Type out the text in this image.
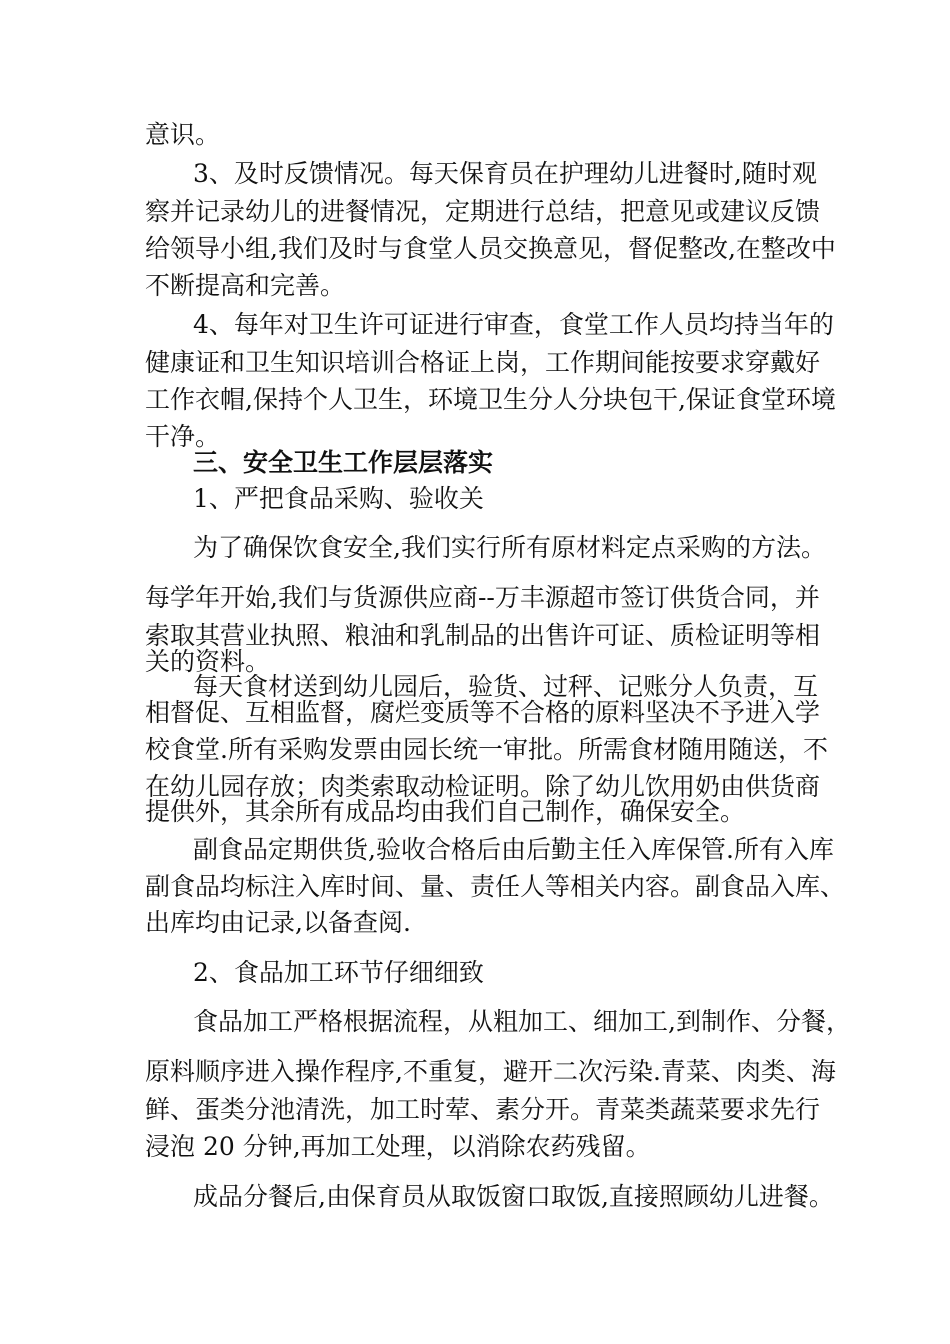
意识。
3、及时反馈情况。每天保育员在护理幼儿进餐时,随时观
察并记录幼儿的进餐情况，定期进行总结，把意见或建议反馈
给领导小组,我们及时与食堂人员交换意见，督促整改,在整改中
不断提高和完善。
4、每年对卫生许可证进行审查，食堂工作人员均持当年的
健康证和卫生知识培训合格证上岗，工作期间能按要求穿戴好
工作衣帽,保持个人卫生，环境卫生分人分块包干,保证食堂环境
干净。
三、安全卫生工作层层落实
1、严把食品采购、验收关
为了确保饮食安全,我们实行所有原材料定点采购的方法。
每学年开始,我们与货源供应商--万丰源超市签订供货合同，并
索取其营业执照、粮油和乳制品的出售许可证、质检证明等相
关的资料。
每天食材送到幼儿园后，验货、过秤、记账分人负责，互
相督促、互相监督，腐烂变质等不合格的原料坚决不予进入学
校食堂.所有采购发票由园长统一审批。所需食材随用随送，不
在幼儿园存放；肉类索取动检证明。除了幼儿饮用奶由供货商
提供外，其余所有成品均由我们自己制作，确保安全。
副食品定期供货,验收合格后由后勤主任入库保管.所有入库
副食品均标注入库时间、量、责任人等相关内容。副食品入库、
出库均由记录,以备查阅.
2、食品加工环节仔细细致
食品加工严格根据流程，从粗加工、细加工,到制作、分餐，
原料顺序进入操作程序,不重复，避开二次污染.青菜、肉类、海
鲜、蛋类分池清洗，加工时荤、素分开。青菜类蔬菜要求先行
浸泡 20 分钟,再加工处理，以消除农药残留。
成品分餐后,由保育员从取饭窗口取饭,直接照顾幼儿进餐。
